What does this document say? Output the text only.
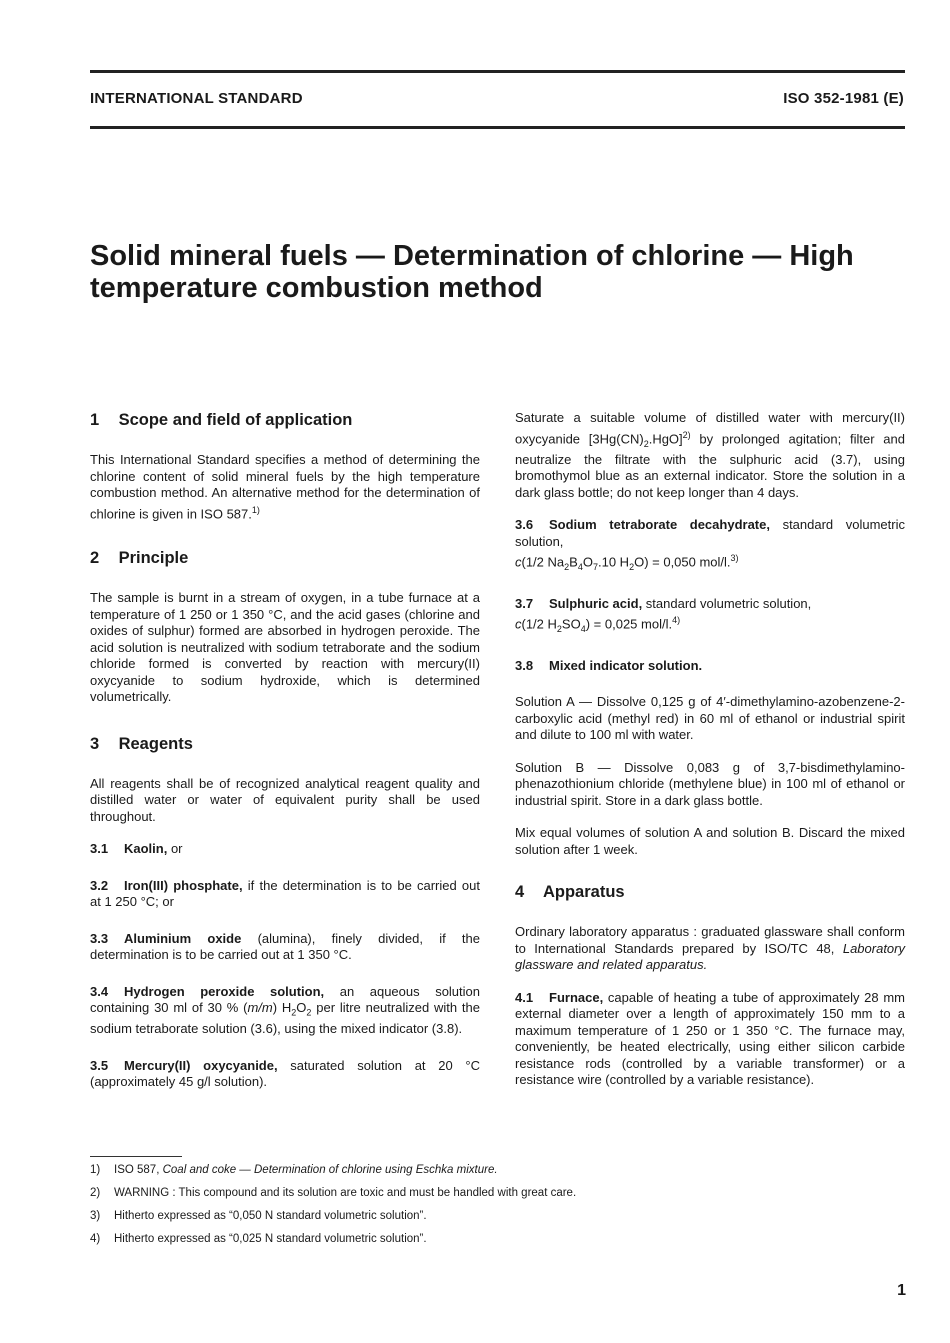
INTERNATIONAL STANDARD	ISO 352-1981 (E)
Solid mineral fuels — Determination of chlorine — High temperature combustion method
1 Scope and field of application

This International Standard specifies a method of determining the chlorine content of solid mineral fuels by the high temperature combustion method. An alternative method for the determination of chlorine is given in ISO 587.$^{1)}$

2 Principle

The sample is burnt in a stream of oxygen, in a tube furnace at a temperature of 1 250 or 1 350 °C, and the acid gases (chlorine and oxides of sulphur) formed are absorbed in hydrogen peroxide. The acid solution is neutralized with sodium tetraborate and the sodium chloride formed is converted by reaction with mercury(II) oxycyanide to sodium hydroxide, which is determined volumetrically.

3 Reagents

All reagents shall be of recognized analytical reagent quality and distilled water or water of equivalent purity shall be used throughout.

3.1 Kaolin, or

3.2 Iron(III) phosphate, if the determination is to be carried out at 1 250 °C; or

3.3 Aluminium oxide (alumina), finely divided, if the determination is to be carried out at 1 350 °C.

3.4 Hydrogen peroxide solution, an aqueous solution containing 30 ml of 30 % (m/m) $H_2O_2$ per litre neutralized with the sodium tetraborate solution (3.6), using the mixed indicator (3.8).

3.5 Mercury(II) oxycyanide, saturated solution at 20 °C (approximately 45 g/l solution).

Saturate a suitable volume of distilled water with mercury(II) oxycyanide $[3Hg(CN)_2.HgO]^{2)}$ by prolonged agitation; filter and neutralize the filtrate with the sulphuric acid (3.7), using bromothymol blue as an external indicator. Store the solution in a dark glass bottle; do not keep longer than 4 days.

3.6 Sodium tetraborate decahydrate, standard volumetric solution,
c(1/2 $Na_2B_4O_7.10$ $H_2O) = 0,050$ mol/l.$^{3)}$

3.7 Sulphuric acid, standard volumetric solution,
c(1/2 $H_2SO_4) = 0,025$ mol/l.$^{4)}$

3.8 Mixed indicator solution.

Solution A — Dissolve 0,125 g of 4′-dimethylamino-azobenzene-2-carboxylic acid (methyl red) in 60 ml of ethanol or industrial spirit and dilute to 100 ml with water.

Solution B — Dissolve 0,083 g of 3,7-bisdimethylamino-phenazothionium chloride (methylene blue) in 100 ml of ethanol or industrial spirit. Store in a dark glass bottle.

Mix equal volumes of solution A and solution B. Discard the mixed solution after 1 week.

4 Apparatus

Ordinary laboratory apparatus : graduated glassware shall conform to International Standards prepared by ISO/TC 48, Laboratory glassware and related apparatus.

4.1 Furnace, capable of heating a tube of approximately 28 mm external diameter over a length of approximately 150 mm to a maximum temperature of 1 250 or 1 350 °C. The furnace may, conveniently, be heated electrically, using either silicon carbide resistance rods (controlled by a variable transformer) or a resistance wire (controlled by a variable resistance).

1) ISO 587, Coal and coke — Determination of chlorine using Eschka mixture.
2) WARNING : This compound and its solution are toxic and must be handled with great care.
3) Hitherto expressed as “0,050 N standard volumetric solution”.
4) Hitherto expressed as “0,025 N standard volumetric solution”.
1
